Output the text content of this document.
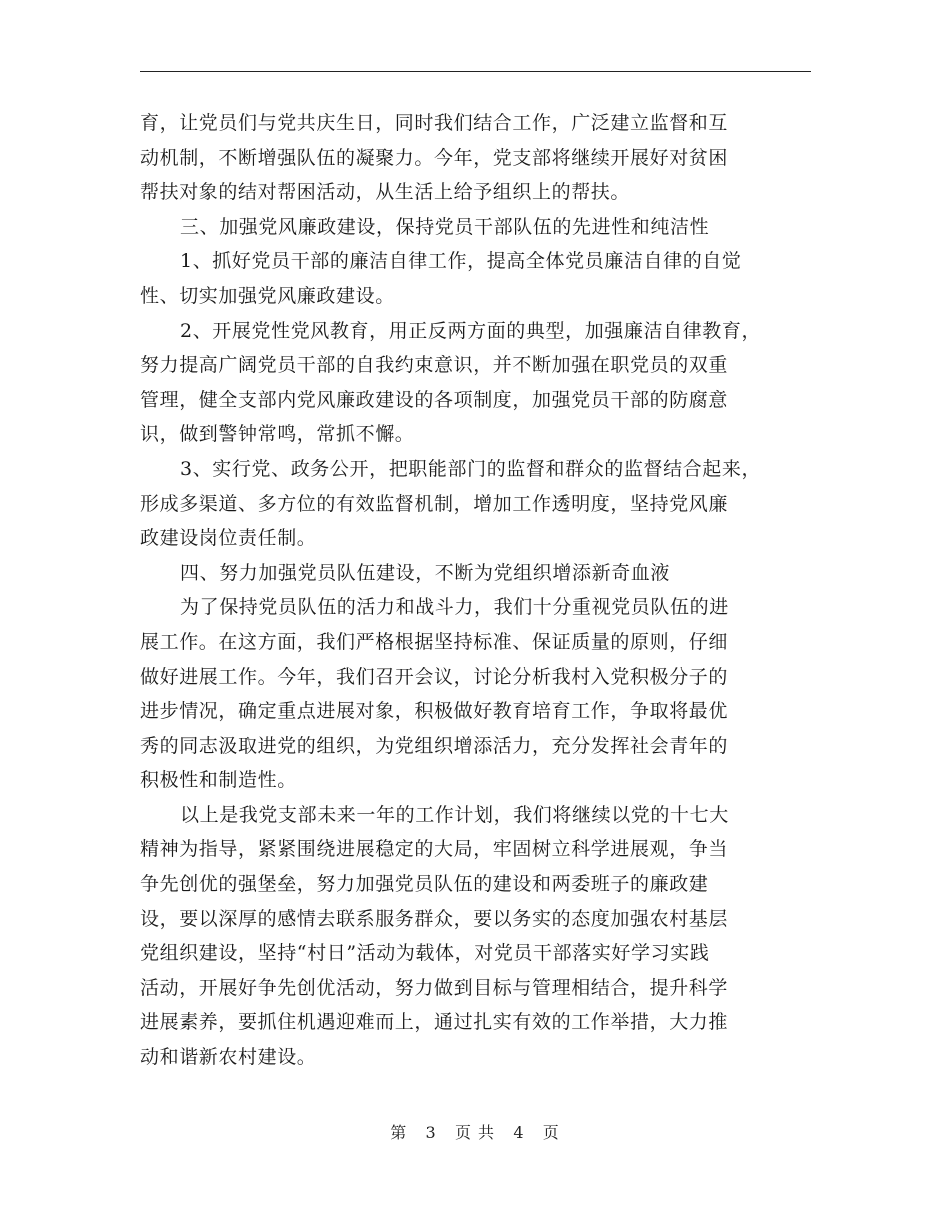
育，让党员们与党共庆生日，同时我们结合工作，广泛建立监督和互
动机制，不断增强队伍的凝聚力。今年，党支部将继续开展好对贫困
帮扶对象的结对帮困活动，从生活上给予组织上的帮扶。

三、加强党风廉政建设，保持党员干部队伍的先进性和纯洁性

1、抓好党员干部的廉洁自律工作，提高全体党员廉洁自律的自觉
性、切实加强党风廉政建设。

2、开展党性党风教育，用正反两方面的典型，加强廉洁自律教育，
努力提高广阔党员干部的自我约束意识，并不断加强在职党员的双重
管理，健全支部内党风廉政建设的各项制度，加强党员干部的防腐意
识，做到警钟常鸣，常抓不懈。

3、实行党、政务公开，把职能部门的监督和群众的监督结合起来，
形成多渠道、多方位的有效监督机制，增加工作透明度，坚持党风廉
政建设岗位责任制。

四、努力加强党员队伍建设，不断为党组织增添新奇血液

为了保持党员队伍的活力和战斗力，我们十分重视党员队伍的进
展工作。在这方面，我们严格根据坚持标准、保证质量的原则，仔细
做好进展工作。今年，我们召开会议，讨论分析我村入党积极分子的
进步情况，确定重点进展对象，积极做好教育培育工作，争取将最优
秀的同志汲取进党的组织，为党组织增添活力，充分发挥社会青年的
积极性和制造性。

以上是我党支部未来一年的工作计划，我们将继续以党的十七大
精神为指导，紧紧围绕进展稳定的大局，牢固树立科学进展观，争当
争先创优的强堡垒，努力加强党员队伍的建设和两委班子的廉政建
设，要以深厚的感情去联系服务群众，要以务实的态度加强农村基层
党组织建设，坚持“村日”活动为载体，对党员干部落实好学习实践
活动，开展好争先创优活动，努力做到目标与管理相结合，提升科学
进展素养，要抓住机遇迎难而上，通过扎实有效的工作举措，大力推
动和谐新农村建设。

第 3 页 共 4 页
